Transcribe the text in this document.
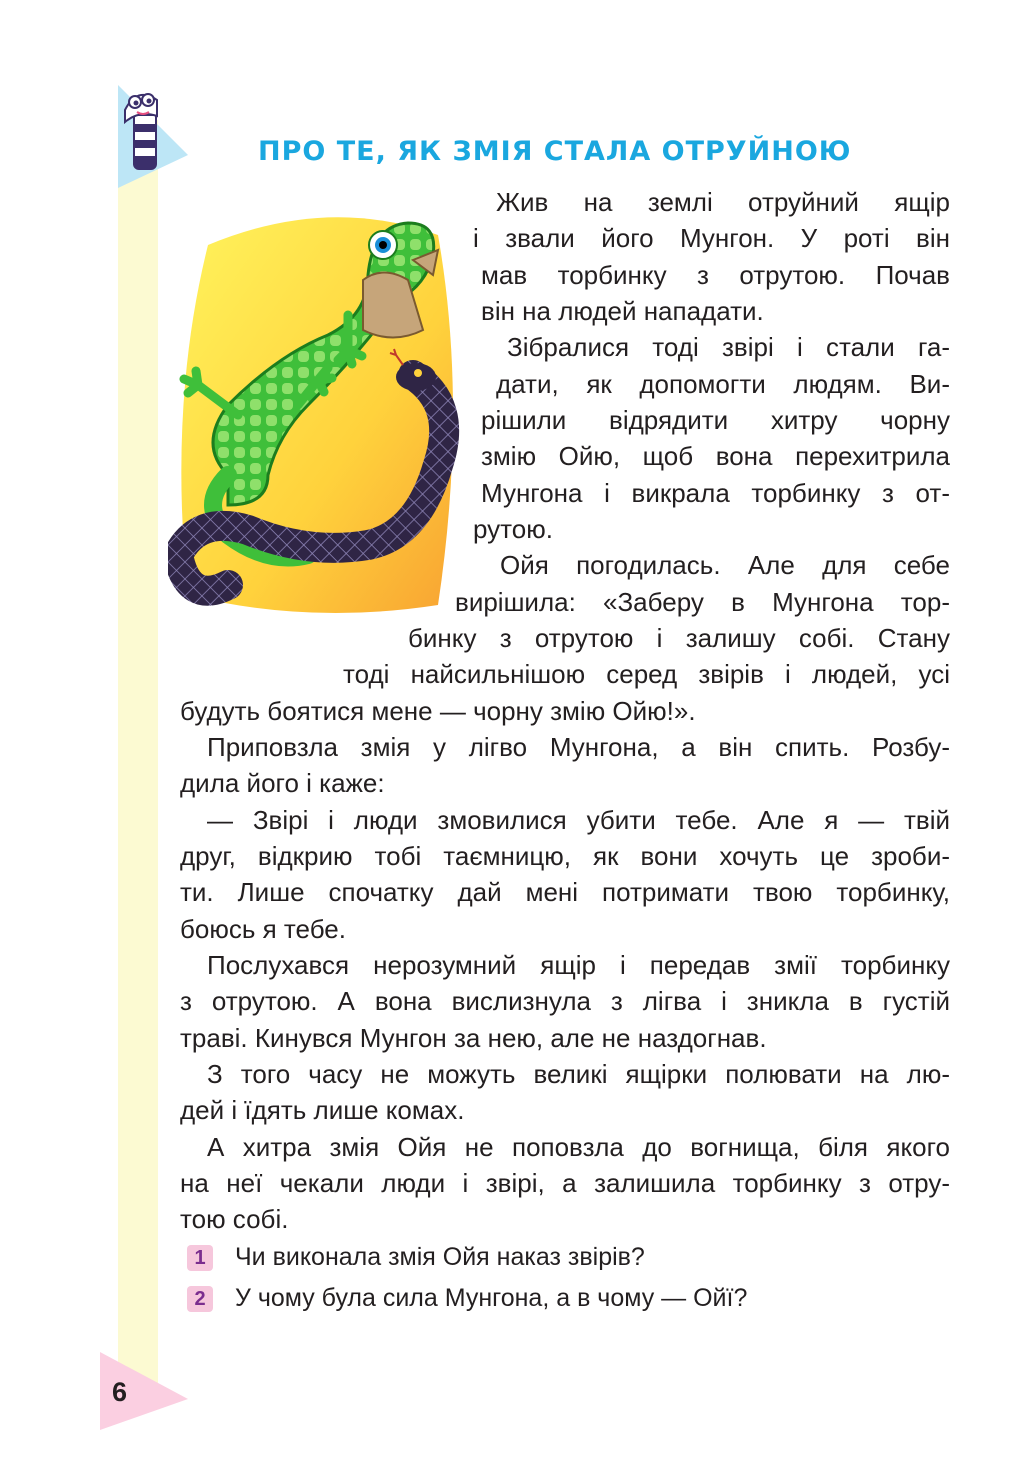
ПРО ТЕ, ЯК ЗМІЯ СТАЛА ОТРУЙНОЮ
Жив на землі отруйний ящір
і звали його Мунгон. У роті він
мав торбинку з отрутою. Почав
він на людей нападати.
Зібралися тоді звірі і стали га-
дати, як допомогти людям. Ви-
рішили відрядити хитру чорну
змію Ойю, щоб вона перехитрила
Мунгона і викрала торбинку з от-
рутою.
Ойя погодилась. Але для себе
вирішила: «Заберу в Мунгона тор-
бинку з отрутою і залишу собі. Стану
тоді найсильнішою серед звірів і людей, усі
будуть боятися мене — чорну змію Ойю!».
Приповзла змія у лігво Мунгона, а він спить. Розбу-
дила його і каже:
— Звірі і люди змовилися убити тебе. Але я — твій
друг, відкрию тобі таємницю, як вони хочуть це зроби-
ти. Лише спочатку дай мені потримати твою торбинку,
боюсь я тебе.
Послухався нерозумний ящір і передав змії торбинку
з отрутою. А вона вислизнула з лігва і зникла в густій
траві. Кинувся Мунгон за нею, але не наздогнав.
З того часу не можуть великі ящірки полювати на лю-
дей і їдять лише комах.
А хитра змія Ойя не поповзла до вогнища, біля якого
на неї чекали люди і звірі, а залишила торбинку з отру-
тою собі.
1 Чи виконала змія Ойя наказ звірів?
2 У чому була сила Мунгона, а в чому — Ойї?
6
